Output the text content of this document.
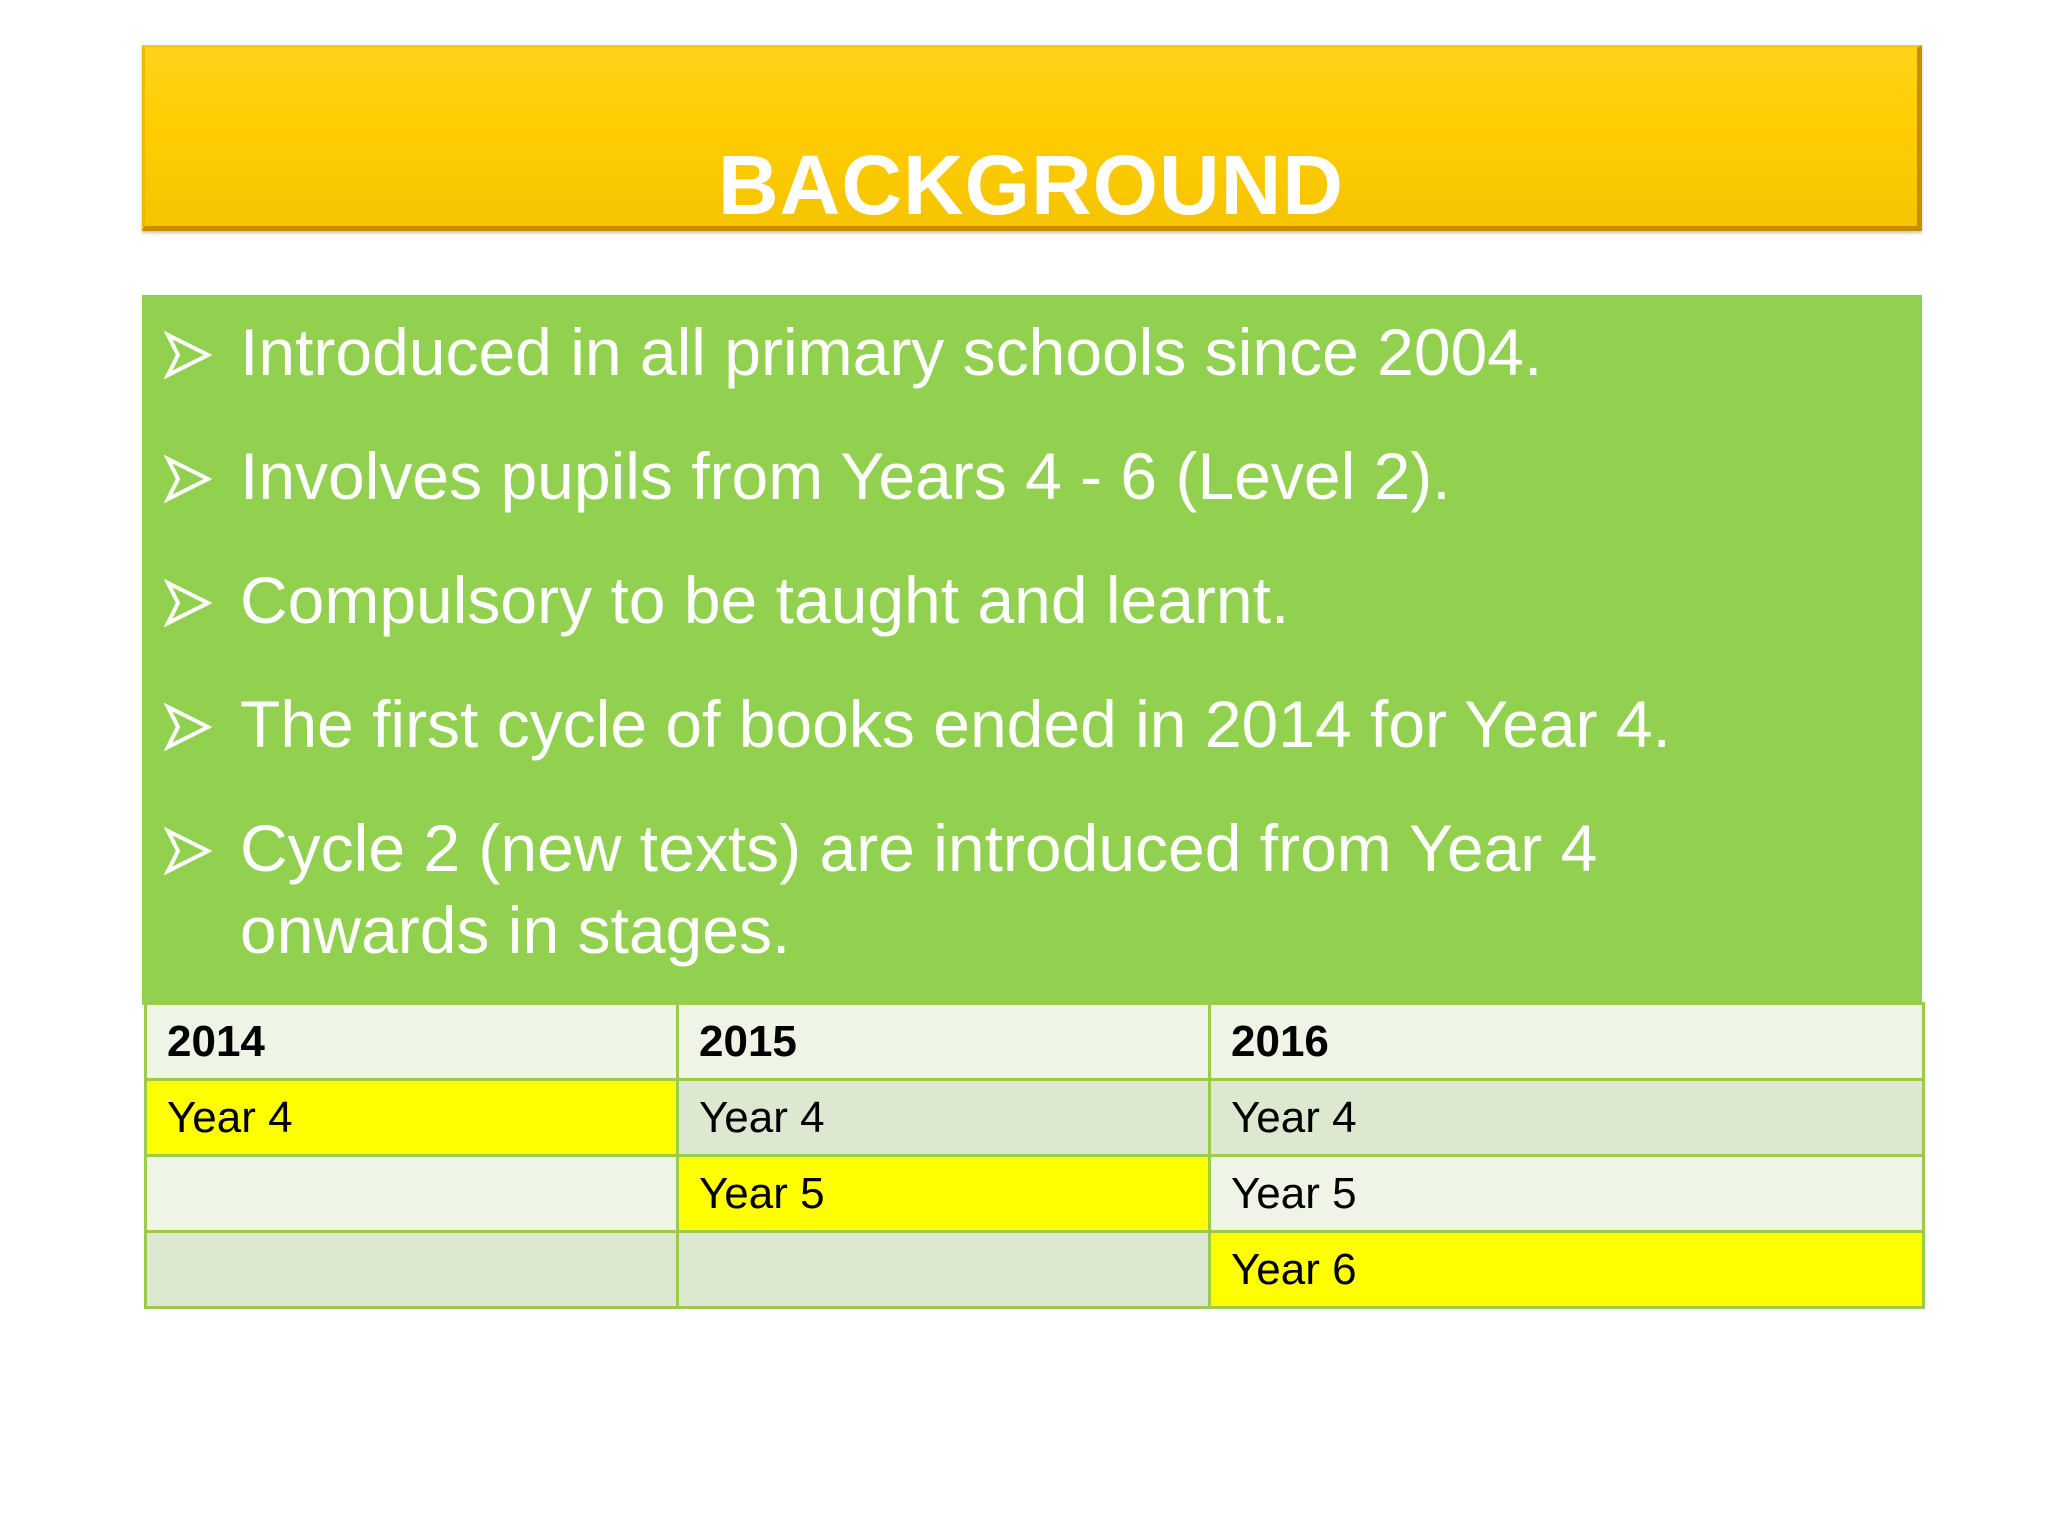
BACKGROUND
Introduced in all primary schools since 2004.
Involves pupils from Years 4 - 6 (Level 2).
Compulsory to be taught and learnt.
The first cycle of books ended in 2014 for Year 4.
Cycle 2 (new texts) are introduced from Year 4
onwards in stages.
2014	2015	2016
Year 4	Year 4	Year 4
	Year 5	Year 5
		Year 6
